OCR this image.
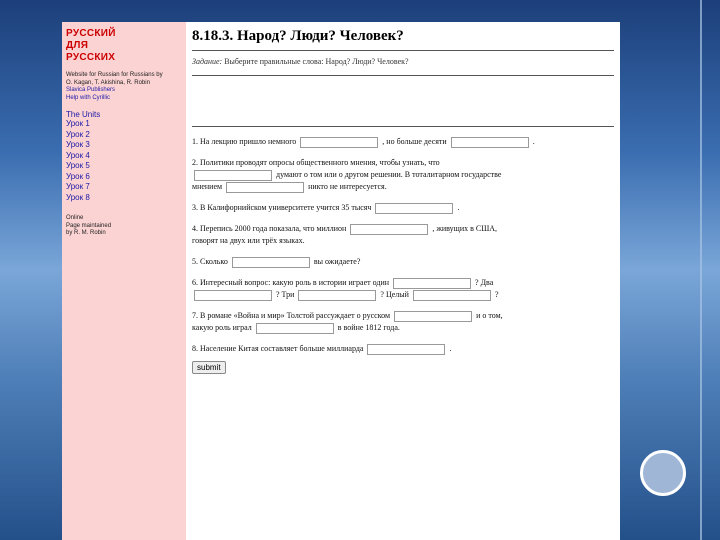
РУССКИЙ
ДЛЯ
РУССКИХ
Website for Russian for Russians by
O. Kagan, T. Akishina, R. Robin
Slavica Publishers
Help with Cyrillic
The Units
Урок 1
Урок 2
Урок 3
Урок 4
Урок 5
Урок 6
Урок 7
Урок 8
Online
Page maintained
by R. M. Robin
8.18.3. Народ? Люди? Человек?
Задание: Выберите правильные слова: Народ? Люди? Человек?
1. На лекцию пришло немного	, но больше десяти	.
2. Политики проводят опросы общественного мнения, чтобы узнать, что
думают о том или о другом решении. В тоталитарном государстве
мнением	никто не интересуется.
3. В Калифорнийском университете учится 35 тысяч	.
4. Перепись 2000 года показала, что миллион	, живущих в США,
говорят на двух или трёх языках.
5. Сколько	вы ожидаете?
6. Интересный вопрос: какую роль в истории играет один	? Два
? Три	? Целый	?
7. В романе «Война и мир» Толстой рассуждает о русском	и о том,
какую роль играл	в войне 1812 года.
8. Население Китая составляет больше миллиарда	.
submit
